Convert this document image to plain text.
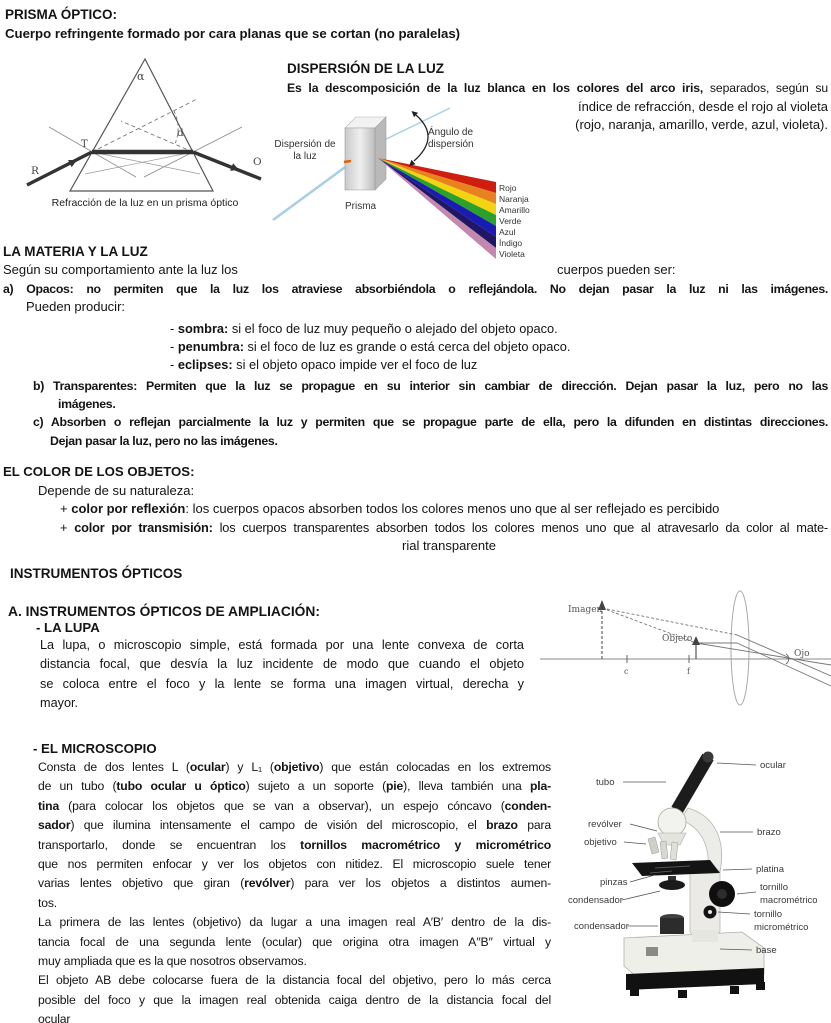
PRISMA ÓPTICO:
Cuerpo refringente formado por cara planas que se cortan (no paralelas)
α
d
T
R
O
Refracción de la luz en un prisma óptico
DISPERSIÓN DE LA LUZ
Es la descomposición de la luz blanca en los colores del arco iris, separados, según su
índice de refracción, desde el rojo al violeta
(rojo, naranja, amarillo, verde, azul, violeta).
Dispersión de
la luz
Prisma
Ángulo de
dispersión
Rojo
Naranja
Amarillo
Verde
Azul
Índigo
Violeta
LA MATERIA Y LA LUZ
Según su comportamiento ante la luz los	cuerpos pueden ser:
a) Opacos: no permiten que la luz los atraviese absorbiéndola o reflejándola. No dejan pasar la luz ni las imágenes.
Pueden producir:
- sombra: si el foco de luz muy pequeño o alejado del objeto opaco.
- penumbra: si el foco de luz es grande o está cerca del objeto opaco.
- eclipses: si el objeto opaco impide ver el foco de luz
b) Transparentes: Permiten que la luz se propague en su interior sin cambiar de dirección. Dejan pasar la luz, pero no las
imágenes.
c) Absorben o reflejan parcialmente la luz y permiten que se propague parte de ella, pero la difunden en distintas direcciones.
Dejan pasar la luz, pero no las imágenes.
EL COLOR DE LOS OBJETOS:
Depende de su naturaleza:
+ color por reflexión: los cuerpos opacos absorben todos los colores menos uno que al ser reflejado es percibido
+ color por transmisión: los cuerpos transparentes absorben todos los colores menos uno que al atravesarlo da color al mate-
rial transparente
INSTRUMENTOS ÓPTICOS
A. INSTRUMENTOS ÓPTICOS DE AMPLIACIÓN:
- LA LUPA
La lupa, o microscopio simple, está formada por una lente convexa de corta
distancia focal, que desvía la luz incidente de modo que cuando el objeto
se coloca entre el foco y la lente se forma una imagen virtual, derecha y
mayor.
Imagen
Objeto
Ojo
c	f
- EL MICROSCOPIO
Consta de dos lentes L (ocular) y L₁ (objetivo) que están colocadas en los extremos
de un tubo (tubo ocular u óptico) sujeto a un soporte (pie), lleva también una pla-
tina (para colocar los objetos que se van a observar), un espejo cóncavo (conden-
sador) que ilumina intensamente el campo de visión del microscopio, el brazo para
transportarlo, donde se encuentran los tornillos macrométrico y micrométrico
que nos permiten enfocar y ver los objetos con nitidez. El microscopio suele tener
varias lentes objetivo que giran (revólver) para ver los objetos a distintos aumen-
tos.
La primera de las lentes (objetivo) da lugar a una imagen real A′B′ dentro de la dis-
tancia focal de una segunda lente (ocular) que origina otra imagen A′′B′′ virtual y
muy ampliada que es la que nosotros observamos.
El objeto AB debe colocarse fuera de la distancia focal del objetivo, pero lo más cerca
posible del foco y que la imagen real obtenida caiga dentro de la distancia focal del
ocular
ocular
tubo
revólver
objetivo
brazo
platina
pinzas
condensador
tornillo
macrométrico
tornillo
micrométrico
condensador
base
